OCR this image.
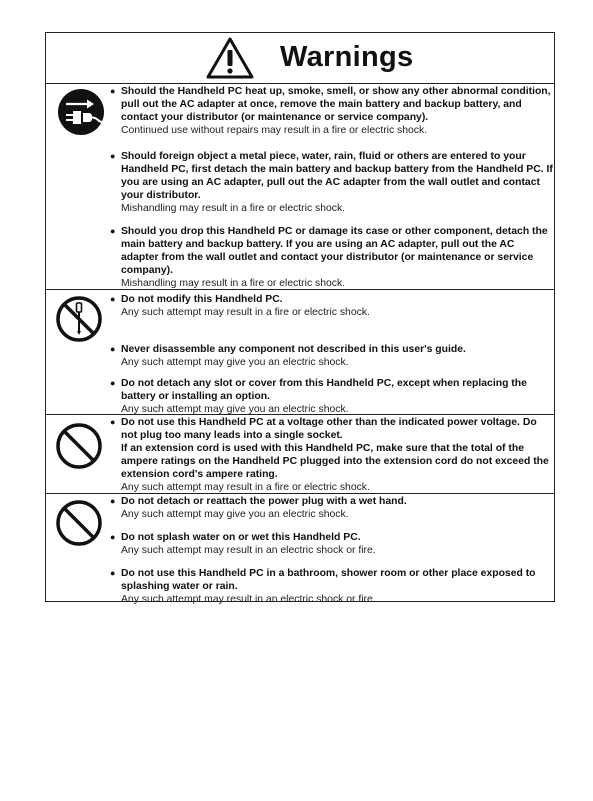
Warnings
● Should the Handheld PC heat up, smoke, smell, or show any other abnormal condition, pull out the AC adapter at once, remove the main battery and backup battery, and contact your distributor (or maintenance or service company).
Continued use without repairs may result in a fire or electric shock.
● Should foreign object a metal piece, water, rain, fluid or others are entered to your Handheld PC, first detach the main battery and backup battery from the Handheld PC. If you are using an AC adapter, pull out the AC adapter from the wall outlet and contact your distributor.
Mishandling may result in a fire or electric shock.
● Should you drop this Handheld PC or damage its case or other component, detach the main battery and backup battery. If you are using an AC adapter, pull out the AC adapter from the wall outlet and contact your distributor (or maintenance or service company).
Mishandling may result in a fire or electric shock.
● Do not modify this Handheld PC.
Any such attempt may result in a fire or electric shock.
● Never disassemble any component not described in this user's guide.
Any such attempt may give you an electric shock.
● Do not detach any slot or cover from this Handheld PC, except when replacing the battery or installing an option.
Any such attempt may give you an electric shock.
● Do not use this Handheld PC at a voltage other than the indicated power voltage. Do not plug too many leads into a single socket.
If an extension cord is used with this Handheld PC, make sure that the total of the ampere ratings on the Handheld PC plugged into the extension cord do not exceed the extension cord's ampere rating.
Any such attempt may result in a fire or electric shock.
● Do not detach or reattach the power plug with a wet hand.
Any such attempt may give you an electric shock.
● Do not splash water on or wet this Handheld PC.
Any such attempt may result in an electric shock or fire.
● Do not use this Handheld PC in a bathroom, shower room or other place exposed to splashing water or rain.
Any such attempt may result in an electric shock or fire.
